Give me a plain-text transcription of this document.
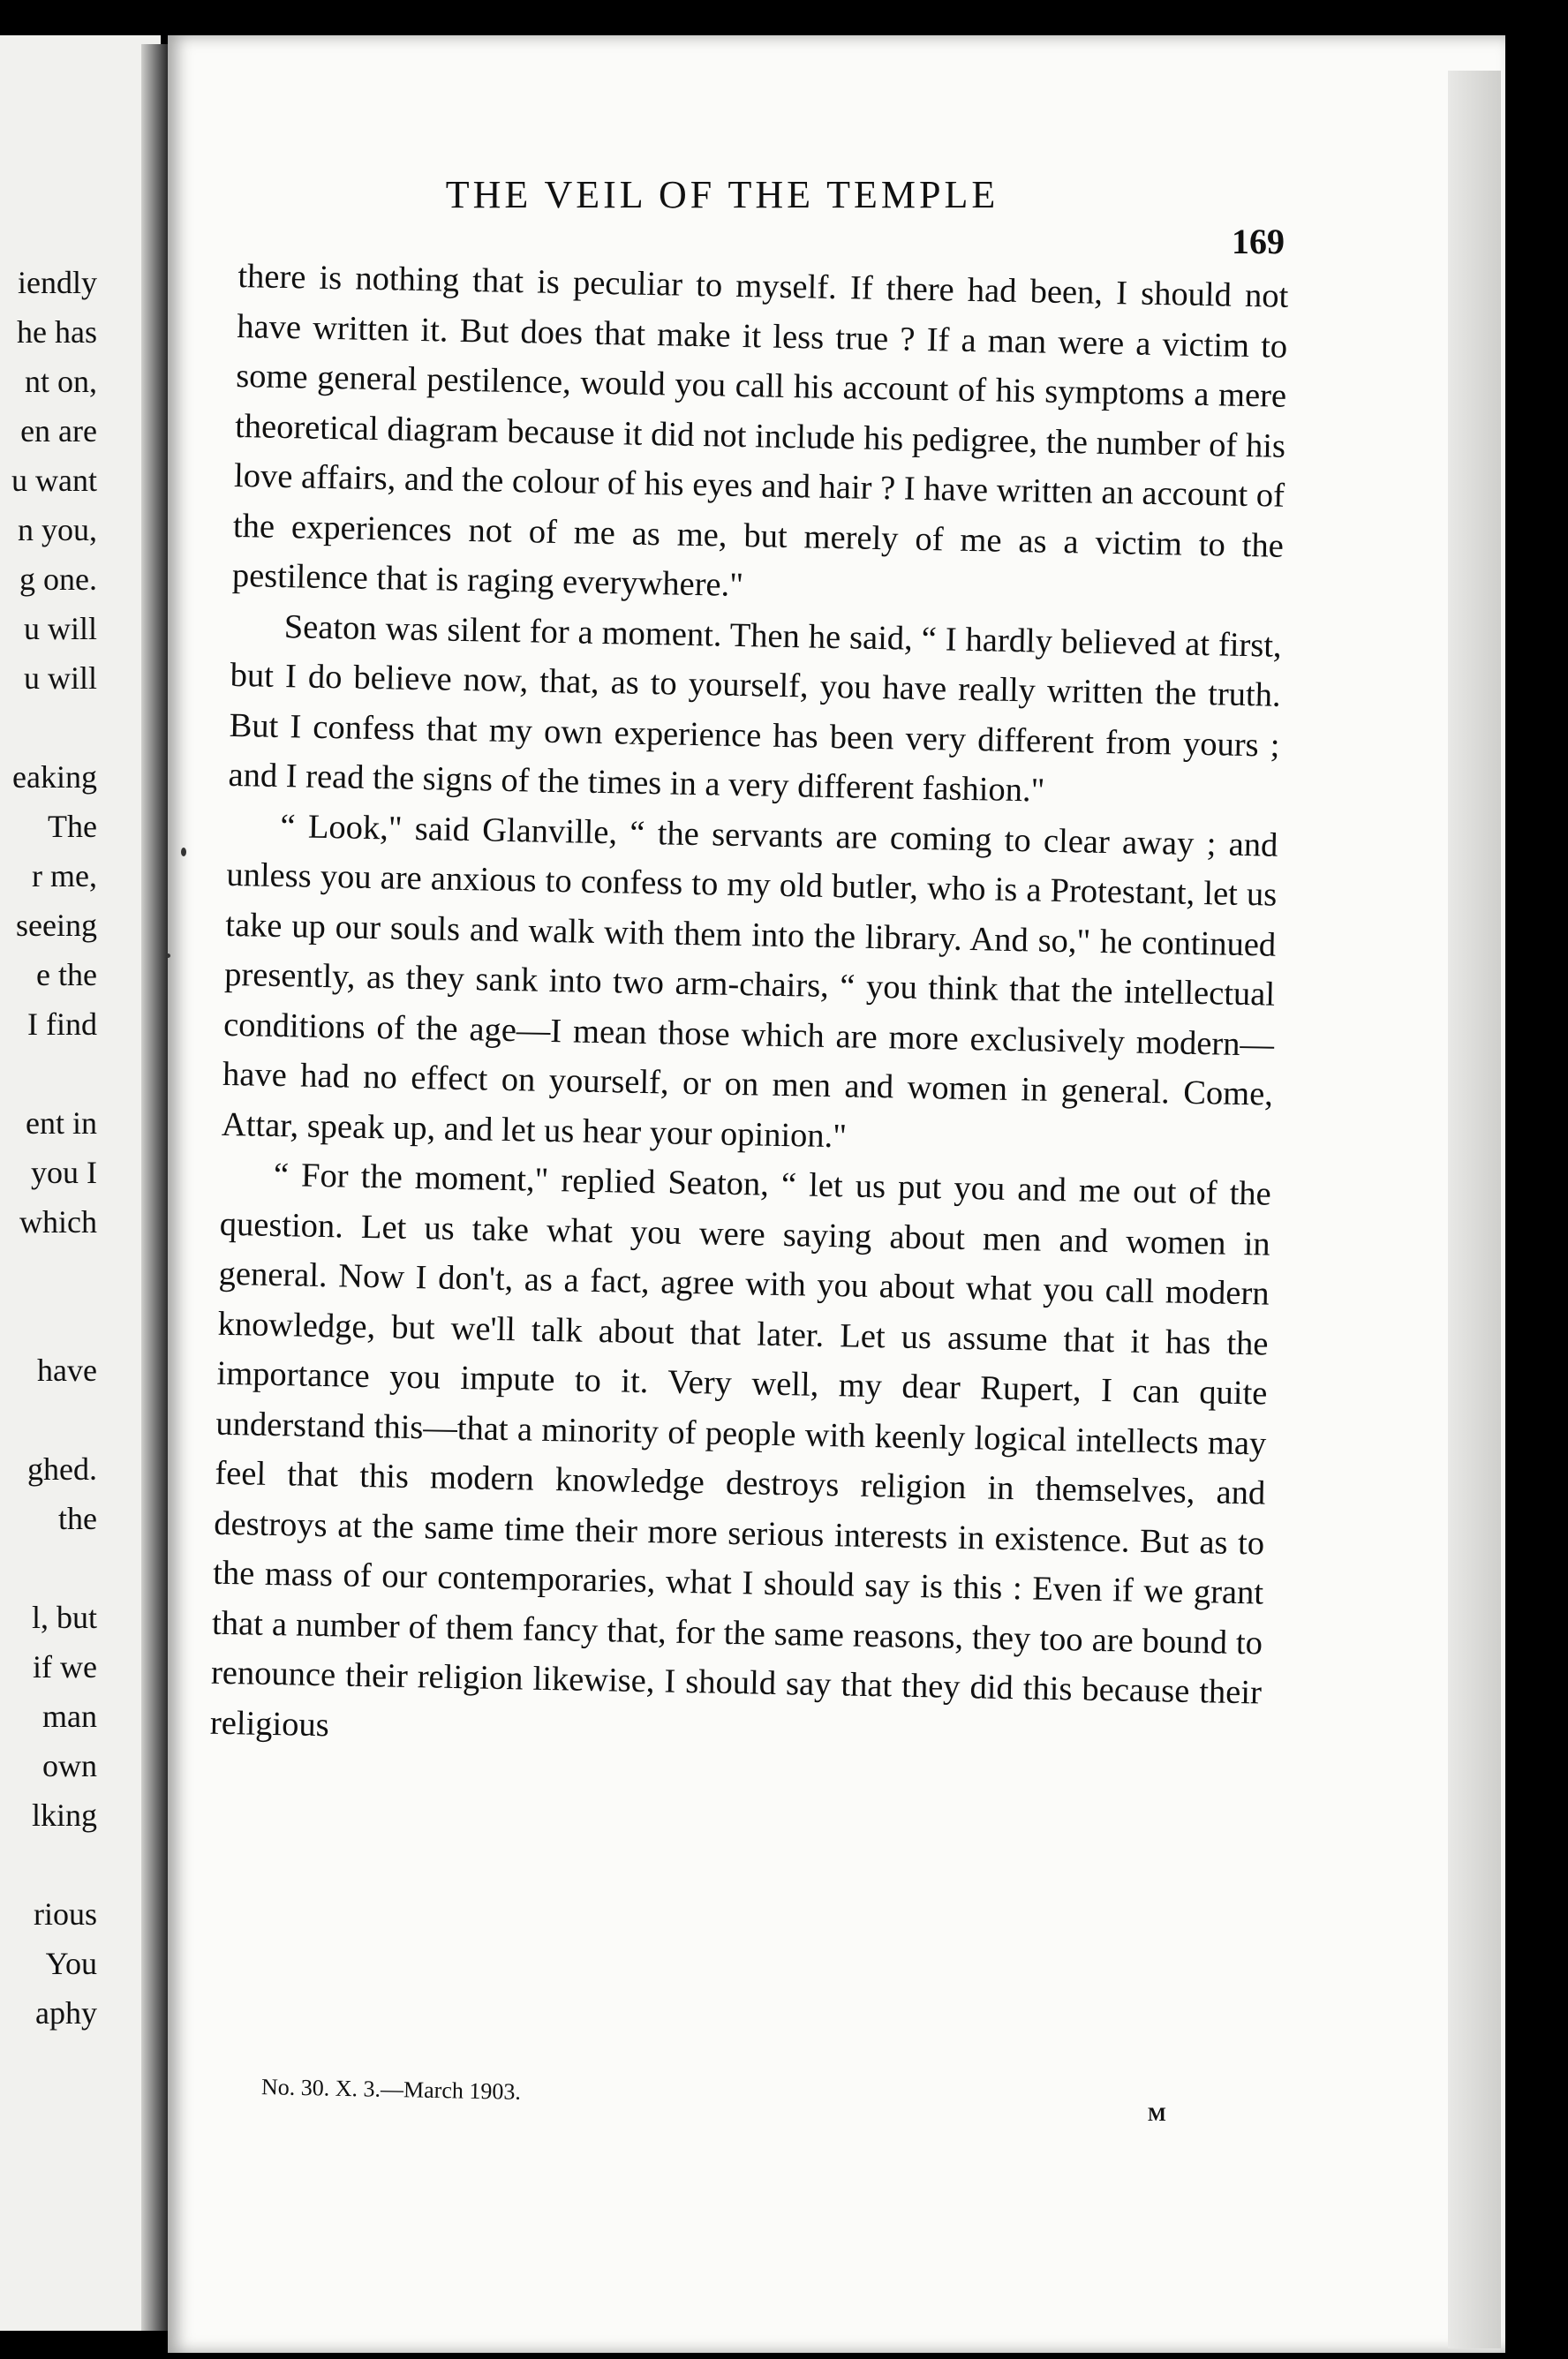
iendly
he has
nt on,
en are
u want
n you,
g one.
u will
u will
eaking
The
r me,
seeing
e the
I find
ent in
you I
which
have
ghed.
the
l, but
if we
man
own
lking
rious
You
aphy
THE VEIL OF THE TEMPLE
169

there is nothing that is peculiar to myself. If there had been, I should not have written it. But does that make it less true ? If a man were a victim to some general pestilence, would you call his account of his symptoms a mere theoretical diagram because it did not include his pedigree, the number of his love affairs, and the colour of his eyes and hair ? I have written an account of the experiences not of me as me, but merely of me as a victim to the pestilence that is raging everywhere."

Seaton was silent for a moment. Then he said, “ I hardly believed at first, but I do believe now, that, as to yourself, you have really written the truth. But I confess that my own experience has been very different from yours ; and I read the signs of the times in a very different fashion."

“ Look," said Glanville, “ the servants are coming to clear away ; and unless you are anxious to confess to my old butler, who is a Protestant, let us take up our souls and walk with them into the library. And so," he continued presently, as they sank into two arm-chairs, “ you think that the intellectual conditions of the age—I mean those which are more exclusively modern—have had no effect on yourself, or on men and women in general. Come, Attar, speak up, and let us hear your opinion."

“ For the moment," replied Seaton, “ let us put you and me out of the question. Let us take what you were saying about men and women in general. Now I don't, as a fact, agree with you about what you call modern knowledge, but we'll talk about that later. Let us assume that it has the importance you impute to it. Very well, my dear Rupert, I can quite understand this—that a minority of people with keenly logical intellects may feel that this modern knowledge destroys religion in themselves, and destroys at the same time their more serious interests in existence. But as to the mass of our contemporaries, what I should say is this : Even if we grant that a number of them fancy that, for the same reasons, they too are bound to renounce their religion likewise, I should say that they did this because their religious

No. 30. X. 3.—March 1903.
M
